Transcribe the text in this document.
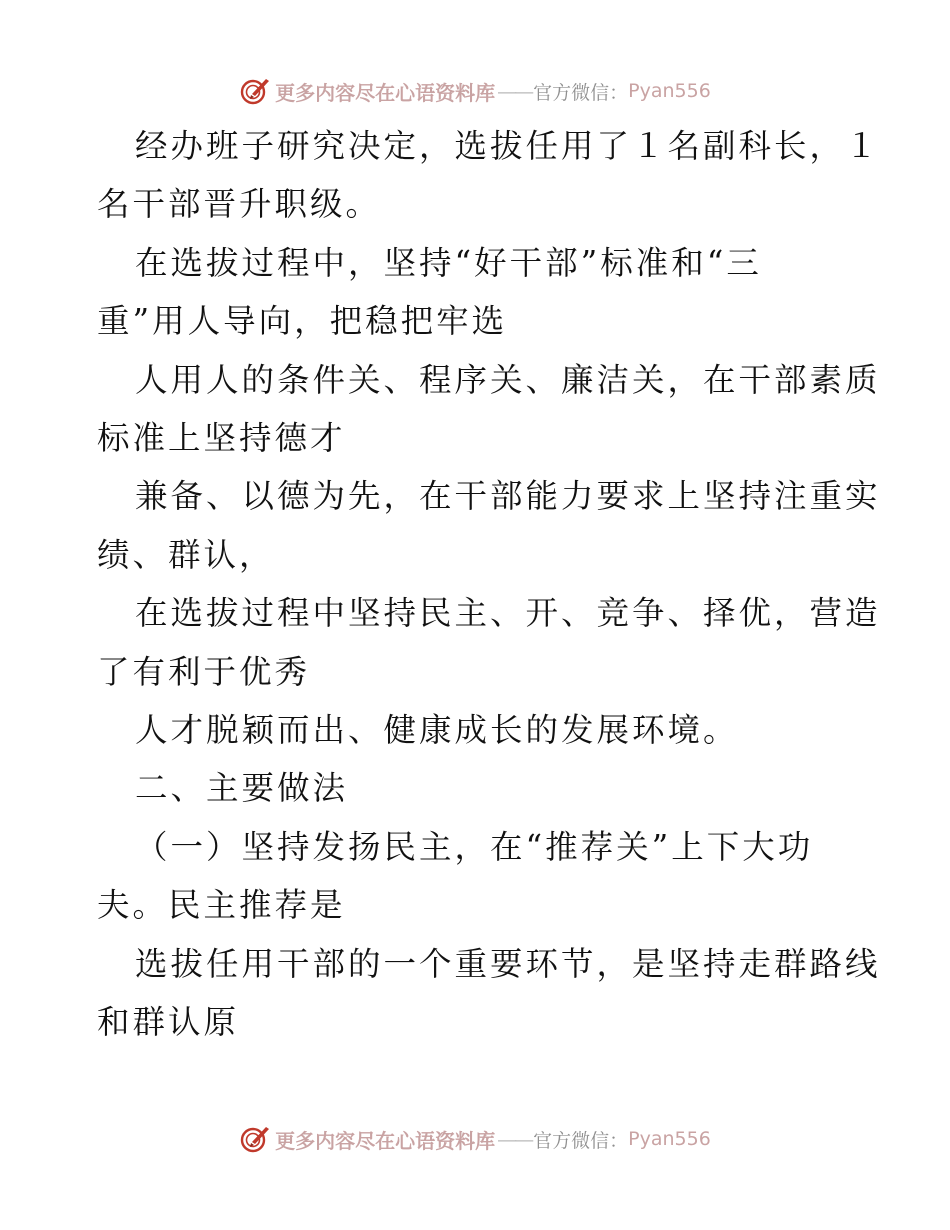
更多内容尽在心语资料库 —— 官方微信： Pyan556

经办班子研究决定，选拔任用了１名副科长，１
名干部晋升职级。

在选拔过程中，坚持“好干部”标准和“三
重”用人导向，把稳把牢选

人用人的条件关、程序关、廉洁关，在干部素质
标准上坚持德才

兼备、以德为先，在干部能力要求上坚持注重实
绩、群认，

在选拔过程中坚持民主、开、竞争、择优，营造
了有利于优秀

人才脱颖而出、健康成长的发展环境。

二、主要做法

（一）坚持发扬民主，在“推荐关”上下大功
夫。民主推荐是

选拔任用干部的一个重要环节，是坚持走群路线
和群认原

更多内容尽在心语资料库 —— 官方微信： Pyan556
